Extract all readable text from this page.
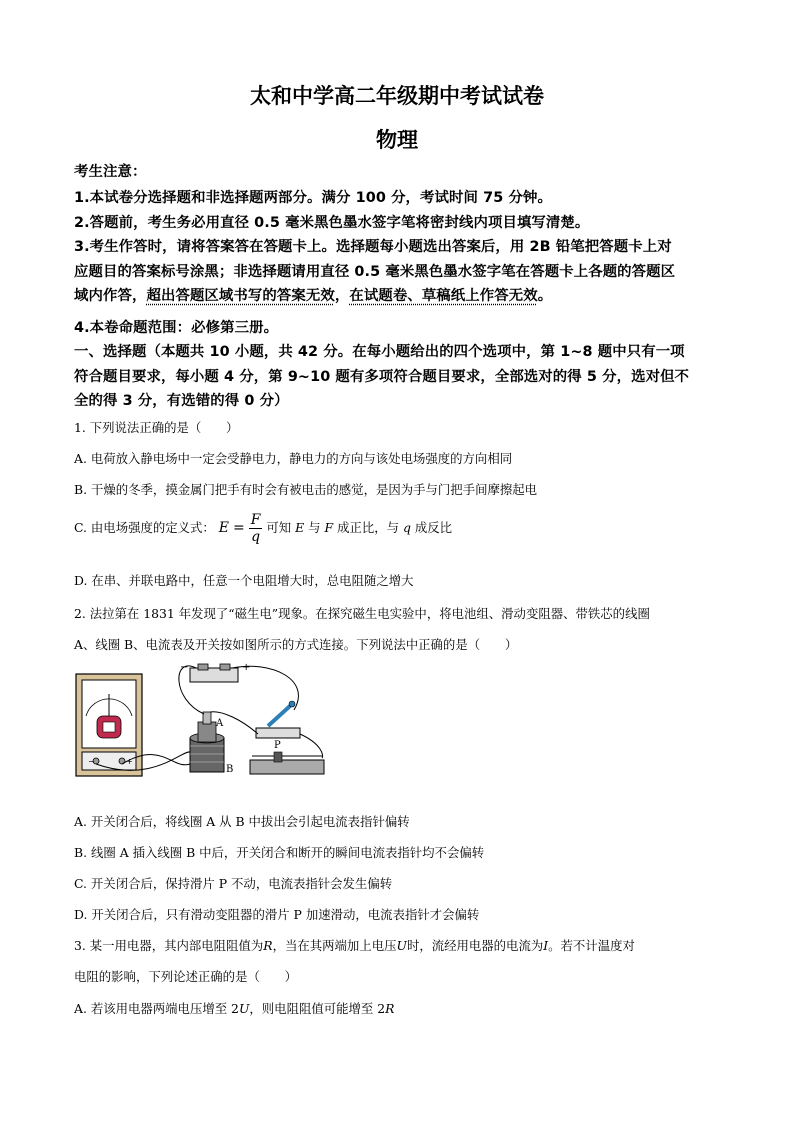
太和中学高二年级期中考试试卷
物理
考生注意：
1.本试卷分选择题和非选择题两部分。满分 100 分，考试时间 75 分钟。
2.答题前，考生务必用直径 0.5 毫米黑色墨水签字笔将密封线内项目填写清楚。
3.考生作答时，请将答案答在答题卡上。选择题每小题选出答案后，用 2B 铅笔把答题卡上对
应题目的答案标号涂黑；非选择题请用直径 0.5 毫米黑色墨水签字笔在答题卡上各题的答题区
域内作答，超出答题区域书写的答案无效，在试题卷、草稿纸上作答无效。
4.本卷命题范围：必修第三册。
一、选择题（本题共 10 小题，共 42 分。在每小题给出的四个选项中，第 1~8 题中只有一项
符合题目要求，每小题 4 分，第 9~10 题有多项符合题目要求，全部选对的得 5 分，选对但不
全的得 3 分，有选错的得 0 分）
1. 下列说法正确的是（　　）
A. 电荷放入静电场中一定会受静电力，静电力的方向与该处电场强度的方向相同
B. 干燥的冬季，摸金属门把手有时会有被电击的感觉，是因为手与门把手间摩擦起电
C. 由电场强度的定义式： $E = \frac{F}{q}$ 可知 E 与 F 成正比，与 q 成反比
D. 在串、并联电路中，任意一个电阻增大时，总电阻随之增大
2. 法拉第在 1831 年发现了“磁生电”现象。在探究磁生电实验中，将电池组、滑动变阻器、带铁芯的线圈
A、线圈 B、电流表及开关按如图所示的方式连接。下列说法中正确的是（　　）
−	+
−	+
A
B
P
A. 开关闭合后，将线圈 A 从 B 中拔出会引起电流表指针偏转
B. 线圈 A 插入线圈 B 中后，开关闭合和断开的瞬间电流表指针均不会偏转
C. 开关闭合后，保持滑片 P 不动，电流表指针会发生偏转
D. 开关闭合后，只有滑动变阻器的滑片 P 加速滑动，电流表指针才会偏转
3. 某一用电器，其内部电阻阻值为R，当在其两端加上电压U时，流经用电器的电流为I。若不计温度对
电阻的影响，下列论述正确的是（　　）
A. 若该用电器两端电压增至 2U，则电阻阻值可能增至 2R
